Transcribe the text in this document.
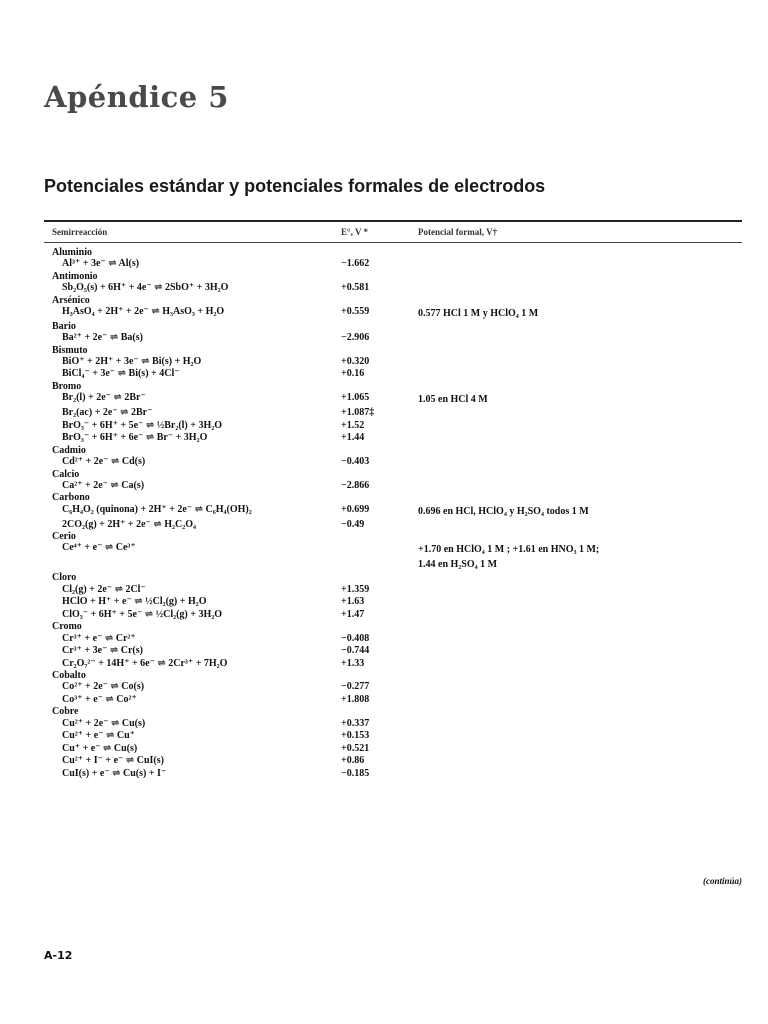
Apéndice 5
Potenciales estándar y potenciales formales de electrodos
Semirreacción	E°, V *	Potencial formal, V†
Aluminio
Al³⁺ + 3e⁻ ⇌ Al(s)	−1.662
Antimonio
Sb₂O₅(s) + 6H⁺ + 4e⁻ ⇌ 2SbO⁺ + 3H₂O	+0.581
Arsénico
H₃AsO₄ + 2H⁺ + 2e⁻ ⇌ H₃AsO₃ + H₂O	+0.559	0.577 HCl 1 M y HClO₄ 1 M
Bario
Ba²⁺ + 2e⁻ ⇌ Ba(s)	−2.906
Bismuto
BiO⁺ + 2H⁺ + 3e⁻ ⇌ Bi(s) + H₂O	+0.320
BiCl₄⁻ + 3e⁻ ⇌ Bi(s) + 4Cl⁻	+0.16
Bromo
Br₂(l) + 2e⁻ ⇌ 2Br⁻	+1.065	1.05 en HCl 4 M
Br₂(ac) + 2e⁻ ⇌ 2Br⁻	+1.087‡
BrO₃⁻ + 6H⁺ + 5e⁻ ⇌ ½Br₂(l) + 3H₂O	+1.52
BrO₃⁻ + 6H⁺ + 6e⁻ ⇌ Br⁻ + 3H₂O	+1.44
Cadmio
Cd²⁺ + 2e⁻ ⇌ Cd(s)	−0.403
Calcio
Ca²⁺ + 2e⁻ ⇌ Ca(s)	−2.866
Carbono
C₆H₄O₂ (quinona) + 2H⁺ + 2e⁻ ⇌ C₆H₄(OH)₂	+0.699	0.696 en HCl, HClO₄ y H₂SO₄ todos 1 M
2CO₂(g) + 2H⁺ + 2e⁻ ⇌ H₂C₂O₄	−0.49
Cerio
Ce⁴⁺ + e⁻ ⇌ Ce³⁺	+1.70 en HClO₄ 1 M ; +1.61 en HNO₃ 1 M;
1.44 en H₂SO₄ 1 M
Cloro
Cl₂(g) + 2e⁻ ⇌ 2Cl⁻	+1.359
HClO + H⁺ + e⁻ ⇌ ½Cl₂(g) + H₂O	+1.63
ClO₃⁻ + 6H⁺ + 5e⁻ ⇌ ½Cl₂(g) + 3H₂O	+1.47
Cromo
Cr³⁺ + e⁻ ⇌ Cr²⁺	−0.408
Cr³⁺ + 3e⁻ ⇌ Cr(s)	−0.744
Cr₂O₇²⁻ + 14H⁺ + 6e⁻ ⇌ 2Cr³⁺ + 7H₂O	+1.33
Cobalto
Co²⁺ + 2e⁻ ⇌ Co(s)	−0.277
Co³⁺ + e⁻ ⇌ Co²⁺	+1.808
Cobre
Cu²⁺ + 2e⁻ ⇌ Cu(s)	+0.337
Cu²⁺ + e⁻ ⇌ Cu⁺	+0.153
Cu⁺ + e⁻ ⇌ Cu(s)	+0.521
Cu²⁺ + I⁻ + e⁻ ⇌ CuI(s)	+0.86
CuI(s) + e⁻ ⇌ Cu(s) + I⁻	−0.185
(continúa)
A-12
